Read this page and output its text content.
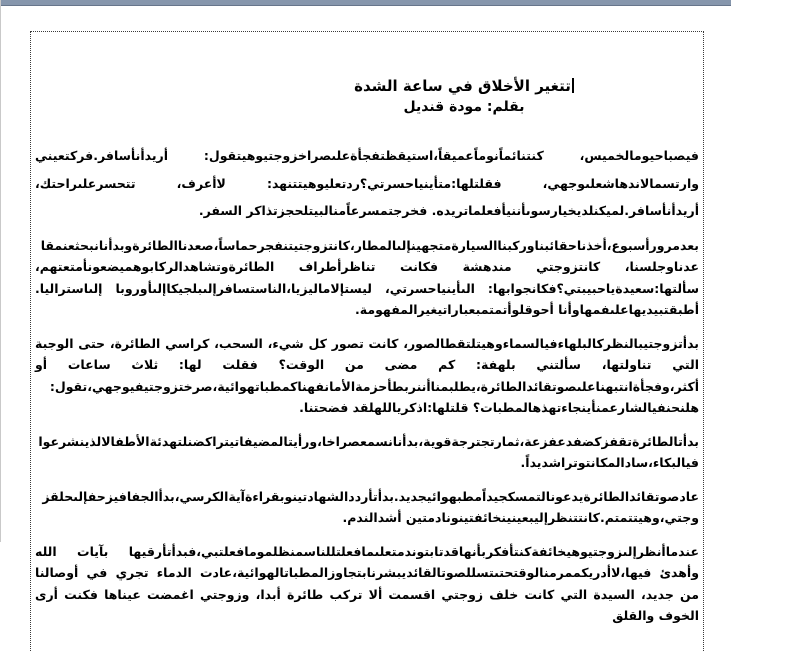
تتغير الأخلاق في ساعة الشدة
بقلم: مودة قنديل

فيصباحيومالخميس، كنتنائماًنوماًعميقاً،استيقظتفجأةعلىصراخزوجتيوهيتقول: أريدأنأسافر.فركتعيني وارتسمالاندهاشعلىوجهي، فقلتلها:متأينياحسرتي؟ردتعليوهيتتنهد: لاأعرف، تتحسرعلىراحتك، أريدأنأسافر.لميكنلديخيارسوىأننيأفعلماتريده. فخرجتمسرعاًمنالبيتلحجزتذاكر السفر.

بعدمرورأسبوع،أخذناحقائبناوركبناالسيارةمتجهينإلىالمطار،كانتزوجتيتنفجرحماساً،صعدناالطائرةوبدأنانبحثعنمقاعدناوجلسنا، كانتزوجتي مندهشة فكانت تناظرأطراف الطائرةوتشاهدالركابوهميضعونأمتعتهم، سألتها:سعيدةياحبيبتي؟فكانجوابها: الىأينياحسرتي، ليستإلاماليزيا،الناستسافرإلىبلجيكاإلىأوروبا إلىاستراليا. أطبقتبيديهاعلىفمهاوأنا أحوقلوأتمتمبعباراتيغيرالمفهومة.

بدأتزوجتيبالنظركالبلهاءفيالسماءوهيتلتقطالصور، كانت تصور كل شيء، السحب، كراسي الطائرة، حتى الوجبة التي تناولتها، سألتني بلهفة: كم مضى من الوقت؟ فقلت لها: ثلاث ساعات أو أكثر،وفجأةانتبهناعلىصوتقائدالطائرة،يطلبمناأننربطأحزمةالأمانفهناكمطباتهوائية،صرختزوجتيفيوجهي،تقول: هلنحنفيالشارعمنأينجاءتهذهالمطبات؟ قلتلها:اذكرياللهلقد فضحتنا.

بدأتالطائرةتقفزكضفدعفزعة،ثمارتجترجةقوية،بدأنانسمعصراخا،ورأيتالمضيفاتيتراكضنلتهدئةالأطفالالذينشرعوافيالبكاء،سادالمكانتوتراشديداً.

عادصوتقائدالطائرةيدعونالتمسكجيداًمطبهوائيجديد.بدأتأرددالشهادتينوبقراءةآيةالكرسي،بدأالجفافيزحفإلىحلقزوجتي،وهيتتمتم.كانتتنظرإليبعينينخائفتينونادمتين أشدالندم.

عندماأنظرإلىزوجتيوهيخائفةكنتأفكربأنهاقدتابتوندمتعلىمافعلتللناسمنظلمومافعلتبي،فبدأتأرقيها بآيات الله وأهدئ فيها،لاأدريكممرمنالوقتحتىتسللصوتالقائديبشرنابتجاوزالمطباتالهوائية،عادت الدماء تجري في أوصالنا من جديد، السيدة التي كانت خلف زوجتي اقسمت ألا تركب طائرة أبدا، وزوجتي اغمضت عيناها فكنت أرى الخوف والقلق
